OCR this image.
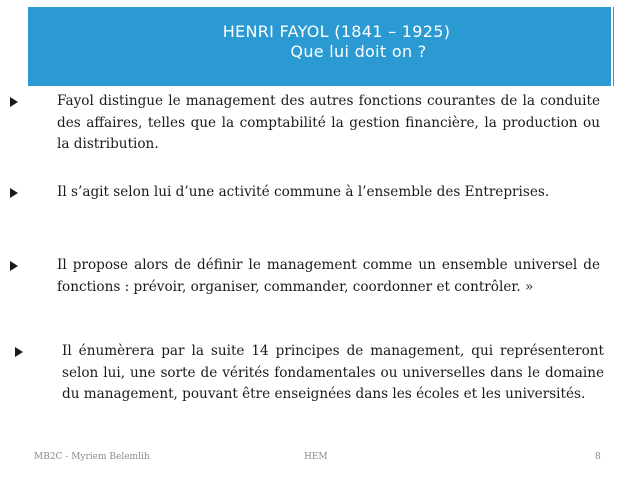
HENRI FAYOL (1841 – 1925)
Que lui doit on ?
Fayol distingue le management des autres fonctions courantes de la conduite des affaires, telles que la comptabilité la gestion financière, la production ou la distribution.
Il s’agit selon lui d’une activité commune à l’ensemble des Entreprises.
Il propose alors de définir le management comme un ensemble universel de fonctions : prévoir, organiser, commander, coordonner et contrôler. »
Il énumèrera par la suite 14 principes de management, qui représenteront selon lui, une sorte de vérités fondamentales ou universelles dans le domaine du management, pouvant être enseignées dans les écoles et les universités.
MB2C - Myriem Belemlih	HEM	8
